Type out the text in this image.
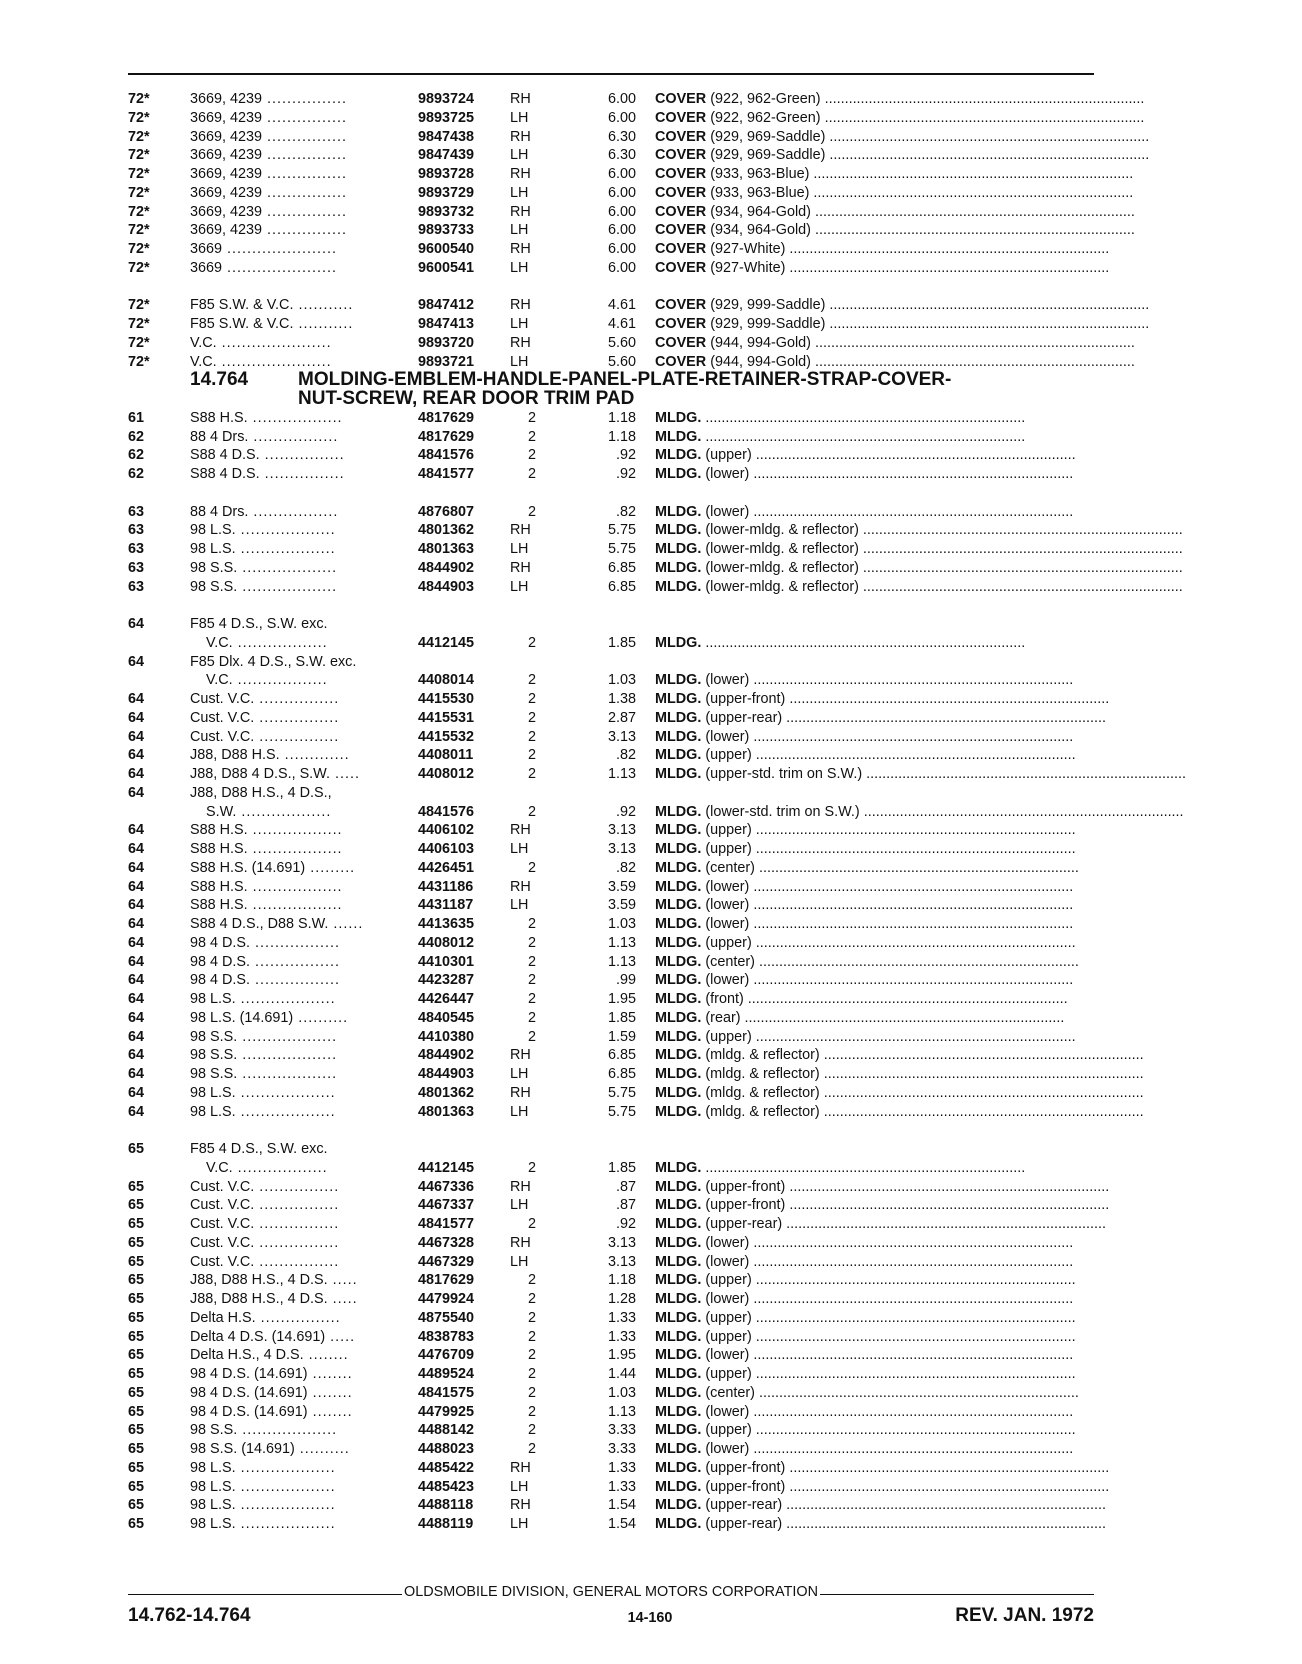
72*	3669, 4239 ................	9893724 RH	6.00 COVER (922, 962-Green) ................................................................................
72*	3669, 4239 ................	9893725 LH	6.00 COVER (922, 962-Green) ................................................................................
72*	3669, 4239 ................	9847438 RH	6.30 COVER (929, 969-Saddle) ................................................................................
72*	3669, 4239 ................	9847439 LH	6.30 COVER (929, 969-Saddle) ................................................................................
72*	3669, 4239 ................	9893728 RH	6.00 COVER (933, 963-Blue) ................................................................................
72*	3669, 4239 ................	9893729 LH	6.00 COVER (933, 963-Blue) ................................................................................
72*	3669, 4239 ................	9893732 RH	6.00 COVER (934, 964-Gold) ................................................................................
72*	3669, 4239 ................	9893733 LH	6.00 COVER (934, 964-Gold) ................................................................................
72*	3669 ......................	9600540 RH	6.00 COVER (927-White) ................................................................................
72*	3669 ......................	9600541 LH	6.00 COVER (927-White) ................................................................................
72*	F85 S.W. & V.C. ...........	9847412 RH	4.61 COVER (929, 999-Saddle) ................................................................................
72*	F85 S.W. & V.C. ...........	9847413 LH	4.61 COVER (929, 999-Saddle) ................................................................................
72*	V.C. ......................	9893720 RH	5.60 COVER (944, 994-Gold) ................................................................................
72*	V.C. ......................	9893721 LH	5.60 COVER (944, 994-Gold) ................................................................................
14.764	MOLDING-EMBLEM-HANDLE-PANEL-PLATE-RETAINER-STRAP-COVER-
NUT-SCREW, REAR DOOR TRIM PAD
61	S88 H.S. ..................	4817629	2	1.18 MLDG. ................................................................................
62	88 4 Drs. .................	4817629	2	1.18 MLDG. ................................................................................
62	S88 4 D.S. ................	4841576	2	.92 MLDG. (upper) ................................................................................
62	S88 4 D.S. ................	4841577	2	.92 MLDG. (lower) ................................................................................
63	88 4 Drs. .................	4876807	2	.82 MLDG. (lower) ................................................................................
63	98 L.S. ...................	4801362 RH	5.75 MLDG. (lower-mldg. & reflector) ................................................................................
63	98 L.S. ...................	4801363 LH	5.75 MLDG. (lower-mldg. & reflector) ................................................................................
63	98 S.S. ...................	4844902 RH	6.85 MLDG. (lower-mldg. & reflector) ................................................................................
63	98 S.S. ...................	4844903 LH	6.85 MLDG. (lower-mldg. & reflector) ................................................................................
64	F85 4 D.S., S.W. exc.
V.C. ..................	4412145	2	1.85 MLDG. ................................................................................
64	F85 Dlx. 4 D.S., S.W. exc.
V.C. ..................	4408014	2	1.03 MLDG. (lower) ................................................................................
64	Cust. V.C. ................	4415530	2	1.38 MLDG. (upper-front) ................................................................................
64	Cust. V.C. ................	4415531	2	2.87 MLDG. (upper-rear) ................................................................................
64	Cust. V.C. ................	4415532	2	3.13 MLDG. (lower) ................................................................................
64	J88, D88 H.S. .............	4408011	2	.82 MLDG. (upper) ................................................................................
64	J88, D88 4 D.S., S.W. .....	4408012	2	1.13 MLDG. (upper-std. trim on S.W.) ................................................................................
64	J88, D88 H.S., 4 D.S.,
S.W. ..................	4841576	2	.92 MLDG. (lower-std. trim on S.W.) ................................................................................
64	S88 H.S. ..................	4406102 RH	3.13 MLDG. (upper) ................................................................................
64	S88 H.S. ..................	4406103 LH	3.13 MLDG. (upper) ................................................................................
64	S88 H.S. (14.691) .........	4426451	2	.82 MLDG. (center) ................................................................................
64	S88 H.S. ..................	4431186	RH	3.59 MLDG. (lower) ................................................................................
64	S88 H.S. ..................	4431187	LH	3.59 MLDG. (lower) ................................................................................
64	S88 4 D.S., D88 S.W. ......	4413635	2	1.03 MLDG. (lower) ................................................................................
64	98 4 D.S. .................	4408012	2	1.13 MLDG. (upper) ................................................................................
64	98 4 D.S. .................	4410301	2	1.13 MLDG. (center) ................................................................................
64	98 4 D.S. .................	4423287	2	.99 MLDG. (lower) ................................................................................
64	98 L.S. ...................	4426447	2	1.95 MLDG. (front) ................................................................................
64	98 L.S. (14.691) ..........	4840545	2	1.85 MLDG. (rear) ................................................................................
64	98 S.S. ...................	4410380	2	1.59 MLDG. (upper) ................................................................................
64	98 S.S. ...................	4844902 RH	6.85 MLDG. (mldg. & reflector) ................................................................................
64	98 S.S. ...................	4844903 LH	6.85 MLDG. (mldg. & reflector) ................................................................................
64	98 L.S. ...................	4801362 RH	5.75 MLDG. (mldg. & reflector) ................................................................................
64	98 L.S. ...................	4801363 LH	5.75 MLDG. (mldg. & reflector) ................................................................................
65	F85 4 D.S., S.W. exc.
V.C. ..................	4412145	2	1.85 MLDG. ................................................................................
65	Cust. V.C. ................	4467336 RH	.87 MLDG. (upper-front) ................................................................................
65	Cust. V.C. ................	4467337 LH	.87 MLDG. (upper-front) ................................................................................
65	Cust. V.C. ................	4841577	2	.92 MLDG. (upper-rear) ................................................................................
65	Cust. V.C. ................	4467328 RH	3.13 MLDG. (lower) ................................................................................
65	Cust. V.C. ................	4467329 LH	3.13 MLDG. (lower) ................................................................................
65	J88, D88 H.S., 4 D.S. .....	4817629	2	1.18 MLDG. (upper) ................................................................................
65	J88, D88 H.S., 4 D.S. .....	4479924	2	1.28 MLDG. (lower) ................................................................................
65	Delta H.S. ................	4875540	2	1.33 MLDG. (upper) ................................................................................
65	Delta 4 D.S. (14.691) .....	4838783	2	1.33 MLDG. (upper) ................................................................................
65	Delta H.S., 4 D.S. ........	4476709	2	1.95 MLDG. (lower) ................................................................................
65	98 4 D.S. (14.691) ........	4489524	2	1.44 MLDG. (upper) ................................................................................
65	98 4 D.S. (14.691) ........	4841575	2	1.03 MLDG. (center) ................................................................................
65	98 4 D.S. (14.691) ........	4479925	2	1.13 MLDG. (lower) ................................................................................
65	98 S.S. ...................	4488142	2	3.33 MLDG. (upper) ................................................................................
65	98 S.S. (14.691) ..........	4488023	2	3.33 MLDG. (lower) ................................................................................
65	98 L.S. ...................	4485422 RH	1.33 MLDG. (upper-front) ................................................................................
65	98 L.S. ...................	4485423 LH	1.33 MLDG. (upper-front) ................................................................................
65	98 L.S. ...................	4488118	RH	1.54 MLDG. (upper-rear) ................................................................................
65	98 L.S. ...................	4488119	LH	1.54 MLDG. (upper-rear) ................................................................................
OLDSMOBILE DIVISION, GENERAL MOTORS CORPORATION
14.762-14.764	14-160	REV. JAN. 1972
